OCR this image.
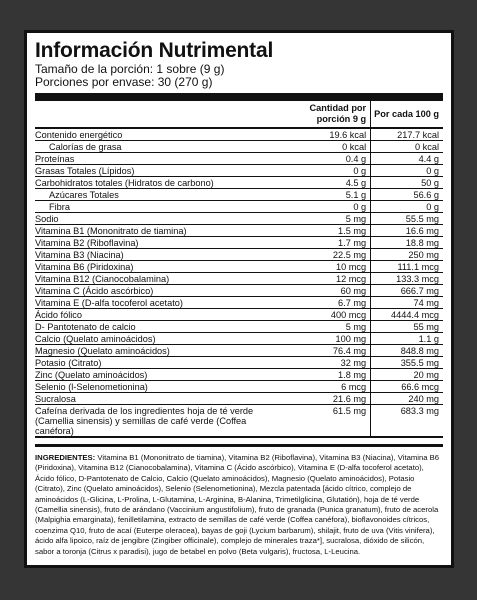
Información Nutrimental
Tamaño de la porción: 1 sobre (9 g)
Porciones por envase: 30 (270 g)
	Cantidad por porción 9 g	Por cada 100 g
Contenido energético	19.6 kcal	217.7 kcal
Calorías de grasa	0 kcal	0 kcal
Proteínas	0.4 g	4.4 g
Grasas Totales (Lípidos)	0 g	0 g
Carbohidratos totales (Hidratos de carbono)	4.5 g	50 g
Azúcares Totales	5.1 g	56.6 g
Fibra	0 g	0 g
Sodio	5 mg	55.5 mg
Vitamina B1 (Mononitrato de tiamina)	1.5 mg	16.6 mg
Vitamina B2 (Riboflavina)	1.7 mg	18.8 mg
Vitamina B3 (Niacina)	22.5 mg	250 mg
Vitamina B6 (Piridoxina)	10 mcg	111.1 mcg
Vitamina B12 (Cianocobalamina)	12 mcg	133.3 mcg
Vitamina C (Ácido ascórbico)	60 mg	666.7 mg
Vitamina E (D-alfa tocoferol acetato)	6.7 mg	74 mg
Ácido fólico	400 mcg	4444.4 mcg
D- Pantotenato de calcio	5 mg	55 mg
Calcio (Quelato aminoácidos)	100 mg	1.1 g
Magnesio (Quelato aminoácidos)	76.4 mg	848.8 mg
Potasio (Citrato)	32 mg	355.5 mg
Zinc (Quelato aminoácidos)	1.8 mg	20 mg
Selenio (l-Selenometionina)	6 mcg	66.6 mcg
Sucralosa	21.6 mg	240 mg
Cafeína derivada de los ingredientes hoja de té verde (Camellia sinensis) y semillas de café verde (Coffea canéfora)	61.5 mg	683.3 mg
INGREDIENTES: Vitamina B1 (Mononitrato de tiamina), Vitamina B2 (Riboflavina), Vitamina B3 (Niacina), Vitamina B6 (Piridoxina), Vitamina B12 (Cianocobalamina), Vitamina C (Ácido ascórbico), Vitamina E (D-alfa tocoferol acetato), Ácido fólico, D-Pantotenato de Calcio, Calcio (Quelato aminoácidos), Magnesio (Quelato aminoácidos), Potasio (Citrato), Zinc (Quelato aminoácidos), Selenio (Selenometionina), Mezcla patentada [ácido cítrico, complejo de aminoácidos (L-Glicina, L-Prolina, L-Glutamina, L-Arginina, B-Alanina, Trimetilglicina, Glutatión), hoja de té verde (Camellia sinensis), fruto de arándano (Vaccinium angustifolium), fruto de granada (Punica granatum), fruto de acerola (Malpighia emarginata), fenilletilamina, extracto de semillas de café verde (Coffea canéfora), bioflavonoides cítricos, coenzima Q10, fruto de acaí (Euterpe oleracea), bayas de goji (Lycium barbarum), shilajit, fruto de uva (Vitis vinifera), ácido alfa lipoico, raíz de jengibre (Zingiber officinale), complejo de minerales traza*], sucralosa, dióxido de silicón, sabor a toronja (Citrus x paradisi), jugo de betabel en polvo (Beta vulgaris), fructosa, L-Leucina.
